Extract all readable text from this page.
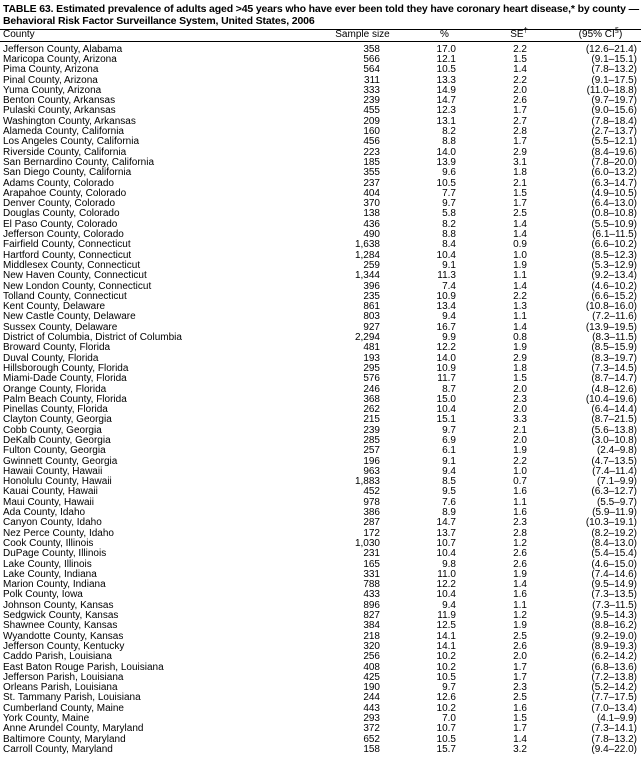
TABLE 63. Estimated prevalence of adults aged >45 years who have ever been told they have coronary heart disease,* by county —
Behavioral Risk Factor Surveillance System, United States, 2006
County	Sample size	%	SE†	(95% CI§)
Jefferson County, Alabama	358	17.0	2.2	(12.6–21.4)
Maricopa County, Arizona	566	12.1	1.5	(9.1–15.1)
Pima County, Arizona	564	10.5	1.4	(7.8–13.2)
Pinal County, Arizona	311	13.3	2.2	(9.1–17.5)
Yuma County, Arizona	333	14.9	2.0	(11.0–18.8)
Benton County, Arkansas	239	14.7	2.6	(9.7–19.7)
Pulaski County, Arkansas	455	12.3	1.7	(9.0–15.6)
Washington County, Arkansas	209	13.1	2.7	(7.8–18.4)
Alameda County, California	160	8.2	2.8	(2.7–13.7)
Los Angeles County, California	456	8.8	1.7	(5.5–12.1)
Riverside County, California	223	14.0	2.9	(8.4–19.6)
San Bernardino County, California	185	13.9	3.1	(7.8–20.0)
San Diego County, California	355	9.6	1.8	(6.0–13.2)
Adams County, Colorado	237	10.5	2.1	(6.3–14.7)
Arapahoe County, Colorado	404	7.7	1.5	(4.9–10.5)
Denver County, Colorado	370	9.7	1.7	(6.4–13.0)
Douglas County, Colorado	138	5.8	2.5	(0.8–10.8)
El Paso County, Colorado	436	8.2	1.4	(5.5–10.9)
Jefferson County, Colorado	490	8.8	1.4	(6.1–11.5)
Fairfield County, Connecticut	1,638	8.4	0.9	(6.6–10.2)
Hartford County, Connecticut	1,284	10.4	1.0	(8.5–12.3)
Middlesex County, Connecticut	259	9.1	1.9	(5.3–12.9)
New Haven County, Connecticut	1,344	11.3	1.1	(9.2–13.4)
New London County, Connecticut	396	7.4	1.4	(4.6–10.2)
Tolland County, Connecticut	235	10.9	2.2	(6.6–15.2)
Kent County, Delaware	861	13.4	1.3	(10.8–16.0)
New Castle County, Delaware	803	9.4	1.1	(7.2–11.6)
Sussex County, Delaware	927	16.7	1.4	(13.9–19.5)
District of Columbia, District of Columbia	2,294	9.9	0.8	(8.3–11.5)
Broward County, Florida	481	12.2	1.9	(8.5–15.9)
Duval County, Florida	193	14.0	2.9	(8.3–19.7)
Hillsborough County, Florida	295	10.9	1.8	(7.3–14.5)
Miami-Dade County, Florida	576	11.7	1.5	(8.7–14.7)
Orange County, Florida	246	8.7	2.0	(4.8–12.6)
Palm Beach County, Florida	368	15.0	2.3	(10.4–19.6)
Pinellas County, Florida	262	10.4	2.0	(6.4–14.4)
Clayton County, Georgia	215	15.1	3.3	(8.7–21.5)
Cobb County, Georgia	239	9.7	2.1	(5.6–13.8)
DeKalb County, Georgia	285	6.9	2.0	(3.0–10.8)
Fulton County, Georgia	257	6.1	1.9	(2.4–9.8)
Gwinnett County, Georgia	196	9.1	2.2	(4.7–13.5)
Hawaii County, Hawaii	963	9.4	1.0	(7.4–11.4)
Honolulu County, Hawaii	1,883	8.5	0.7	(7.1–9.9)
Kauai County, Hawaii	452	9.5	1.6	(6.3–12.7)
Maui County, Hawaii	978	7.6	1.1	(5.5–9.7)
Ada County, Idaho	386	8.9	1.6	(5.9–11.9)
Canyon County, Idaho	287	14.7	2.3	(10.3–19.1)
Nez Perce County, Idaho	172	13.7	2.8	(8.2–19.2)
Cook County, Illinois	1,030	10.7	1.2	(8.4–13.0)
DuPage County, Illinois	231	10.4	2.6	(5.4–15.4)
Lake County, Illinois	165	9.8	2.6	(4.6–15.0)
Lake County, Indiana	331	11.0	1.9	(7.4–14.6)
Marion County, Indiana	788	12.2	1.4	(9.5–14.9)
Polk County, Iowa	433	10.4	1.6	(7.3–13.5)
Johnson County, Kansas	896	9.4	1.1	(7.3–11.5)
Sedgwick County, Kansas	827	11.9	1.2	(9.5–14.3)
Shawnee County, Kansas	384	12.5	1.9	(8.8–16.2)
Wyandotte County, Kansas	218	14.1	2.5	(9.2–19.0)
Jefferson County, Kentucky	320	14.1	2.6	(8.9–19.3)
Caddo Parish, Louisiana	256	10.2	2.0	(6.2–14.2)
East Baton Rouge Parish, Louisiana	408	10.2	1.7	(6.8–13.6)
Jefferson Parish, Louisiana	425	10.5	1.7	(7.2–13.8)
Orleans Parish, Louisiana	190	9.7	2.3	(5.2–14.2)
St. Tammany Parish, Louisiana	244	12.6	2.5	(7.7–17.5)
Cumberland County, Maine	443	10.2	1.6	(7.0–13.4)
York County, Maine	293	7.0	1.5	(4.1–9.9)
Anne Arundel County, Maryland	372	10.7	1.7	(7.3–14.1)
Baltimore County, Maryland	652	10.5	1.4	(7.8–13.2)
Carroll County, Maryland	158	15.7	3.2	(9.4–22.0)
